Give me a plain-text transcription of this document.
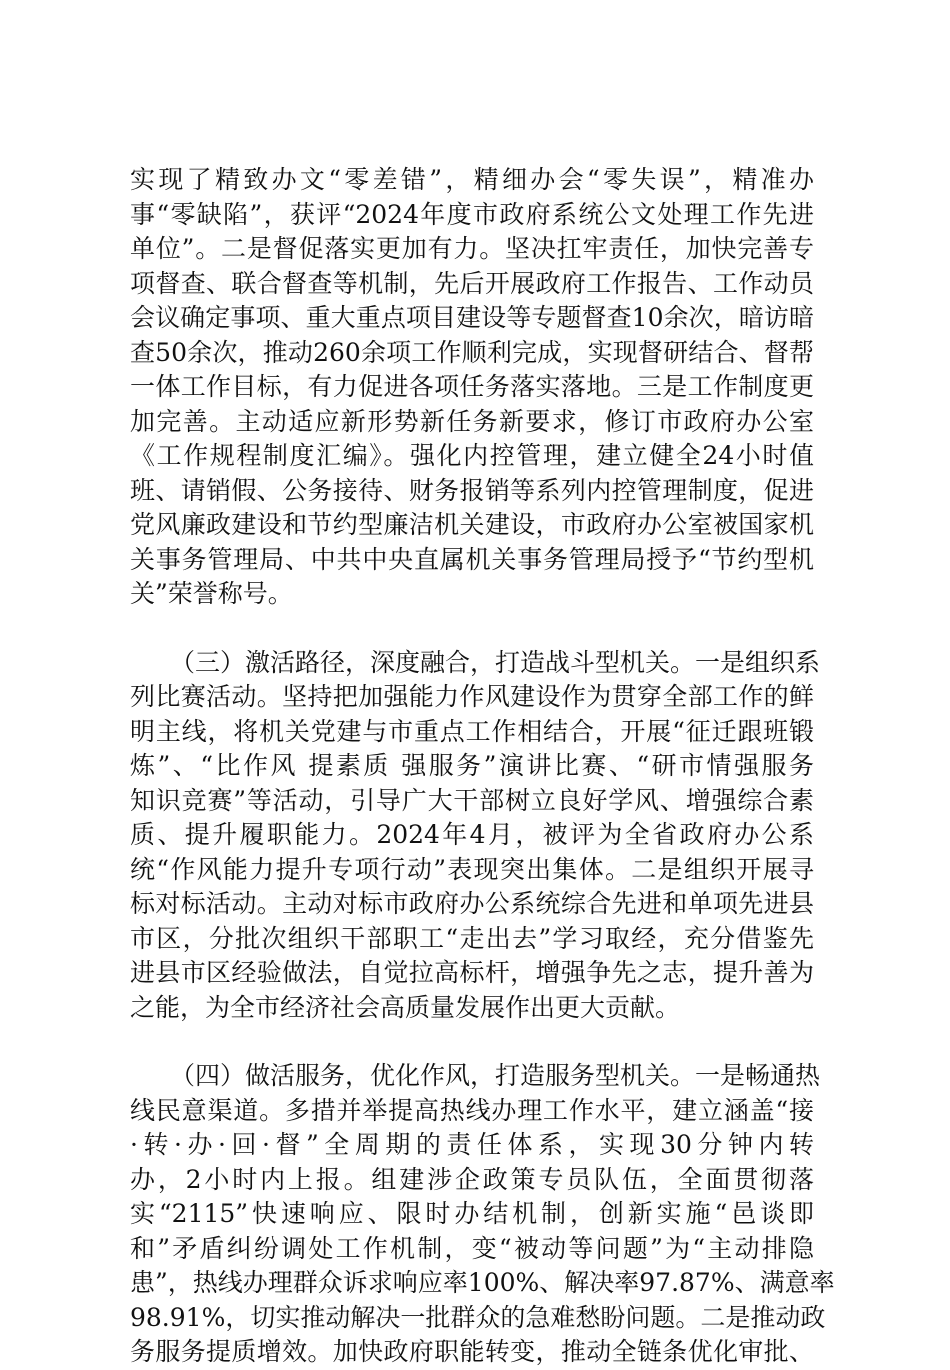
实现了精致办文“零差错”，精细办会“零失误”，精准办
事“零缺陷”，获评“2024年度市政府系统公文处理工作先进
单位”。二是督促落实更加有力。坚决扛牢责任，加快完善专
项督查、联合督查等机制，先后开展政府工作报告、工作动员
会议确定事项、重大重点项目建设等专题督查10余次，暗访暗
查50余次，推动260余项工作顺利完成，实现督研结合、督帮
一体工作目标，有力促进各项任务落实落地。三是工作制度更
加完善。主动适应新形势新任务新要求，修订市政府办公室
《工作规程制度汇编》。强化内控管理，建立健全24小时值
班、请销假、公务接待、财务报销等系列内控管理制度，促进
党风廉政建设和节约型廉洁机关建设，市政府办公室被国家机
关事务管理局、中共中央直属机关事务管理局授予“节约型机
关”荣誉称号。
（三）激活路径，深度融合，打造战斗型机关。一是组织系
列比赛活动。坚持把加强能力作风建设作为贯穿全部工作的鲜
明主线，将机关党建与市重点工作相结合，开展“征迁跟班锻
炼”、“比作风 提素质 强服务”演讲比赛、“研市情强服务
知识竞赛”等活动，引导广大干部树立良好学风、增强综合素
质、提升履职能力。2024年4月，被评为全省政府办公系
统“作风能力提升专项行动”表现突出集体。二是组织开展寻
标对标活动。主动对标市政府办公系统综合先进和单项先进县
市区，分批次组织干部职工“走出去”学习取经，充分借鉴先
进县市区经验做法，自觉拉高标杆，增强争先之志，提升善为
之能，为全市经济社会高质量发展作出更大贡献。
（四）做活服务，优化作风，打造服务型机关。一是畅通热
线民意渠道。多措并举提高热线办理工作水平，建立涵盖“接
·转·办·回·督”全周期的责任体系，实现30分钟内转
办，2小时内上报。组建涉企政策专员队伍，全面贯彻落
实“2115”快速响应、限时办结机制，创新实施“邑谈即
和”矛盾纠纷调处工作机制，变“被动等问题”为“主动排隐
患”，热线办理群众诉求响应率100%、解决率97.87%、满意率
98.91%，切实推动解决一批群众的急难愁盼问题。二是推动政
务服务提质增效。加快政府职能转变，推动全链条优化审批、
